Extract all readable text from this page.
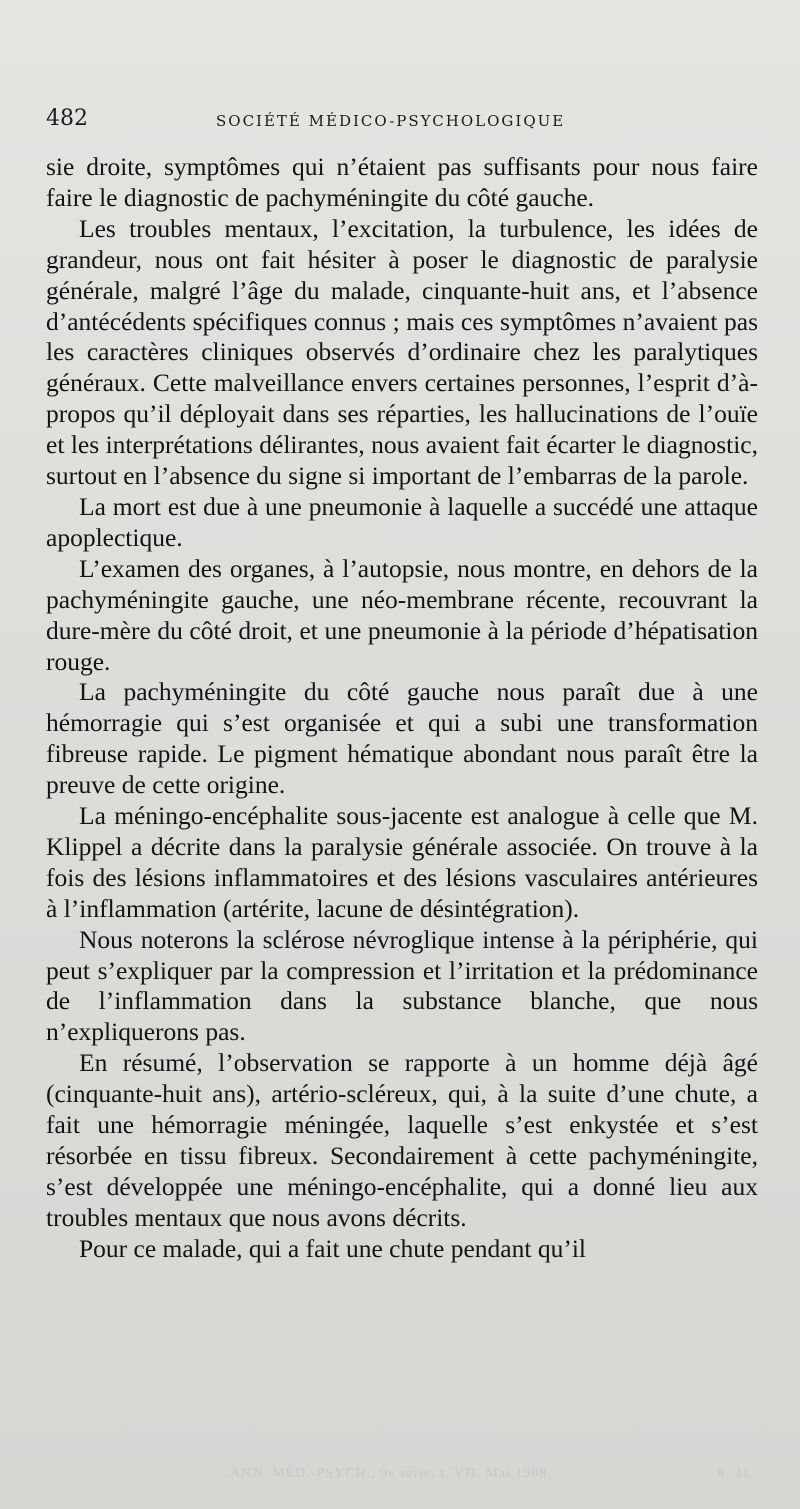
482	SOCIÉTÉ MÉDICO-PSYCHOLOGIQUE

sie droite, symptômes qui n’étaient pas suffisants pour nous faire faire le diagnostic de pachyméningite du côté gauche.

Les troubles mentaux, l’excitation, la turbulence, les idées de grandeur, nous ont fait hésiter à poser le diagnostic de paralysie générale, malgré l’âge du malade, cinquante-huit ans, et l’absence d’antécédents spécifiques connus ; mais ces symptômes n’avaient pas les caractères cliniques observés d’ordinaire chez les paralytiques généraux. Cette malveillance envers certaines personnes, l’esprit d’à-propos qu’il déployait dans ses réparties, les hallucinations de l’ouïe et les interprétations délirantes, nous avaient fait écarter le diagnostic, surtout en l’absence du signe si important de l’embarras de la parole.

La mort est due à une pneumonie à laquelle a succédé une attaque apoplectique.

L’examen des organes, à l’autopsie, nous montre, en dehors de la pachyméningite gauche, une néo-membrane récente, recouvrant la dure-mère du côté droit, et une pneumonie à la période d’hépatisation rouge.

La pachyméningite du côté gauche nous paraît due à une hémorragie qui s’est organisée et qui a subi une transformation fibreuse rapide. Le pigment hématique abondant nous paraît être la preuve de cette origine.

La méningo-encéphalite sous-jacente est analogue à celle que M. Klippel a décrite dans la paralysie générale associée. On trouve à la fois des lésions inflammatoires et des lésions vasculaires antérieures à l’inflammation (artérite, lacune de désintégration).

Nous noterons la sclérose névroglique intense à la périphérie, qui peut s’expliquer par la compression et l’irritation et la prédominance de l’inflammation dans la substance blanche, que nous n’expliquerons pas.

En résumé, l’observation se rapporte à un homme déjà âgé (cinquante-huit ans), artério-scléreux, qui, à la suite d’une chute, a fait une hémorragie méningée, laquelle s’est enkystée et s’est résorbée en tissu fibreux. Secondairement à cette pachyméningite, s’est développée une méningo-encéphalite, qui a donné lieu aux troubles mentaux que nous avons décrits.

Pour ce malade, qui a fait une chute pendant qu’il

ANN. MÉD.-PSYCH., 9e série, t. VII. Mai 1908.	8. 31
